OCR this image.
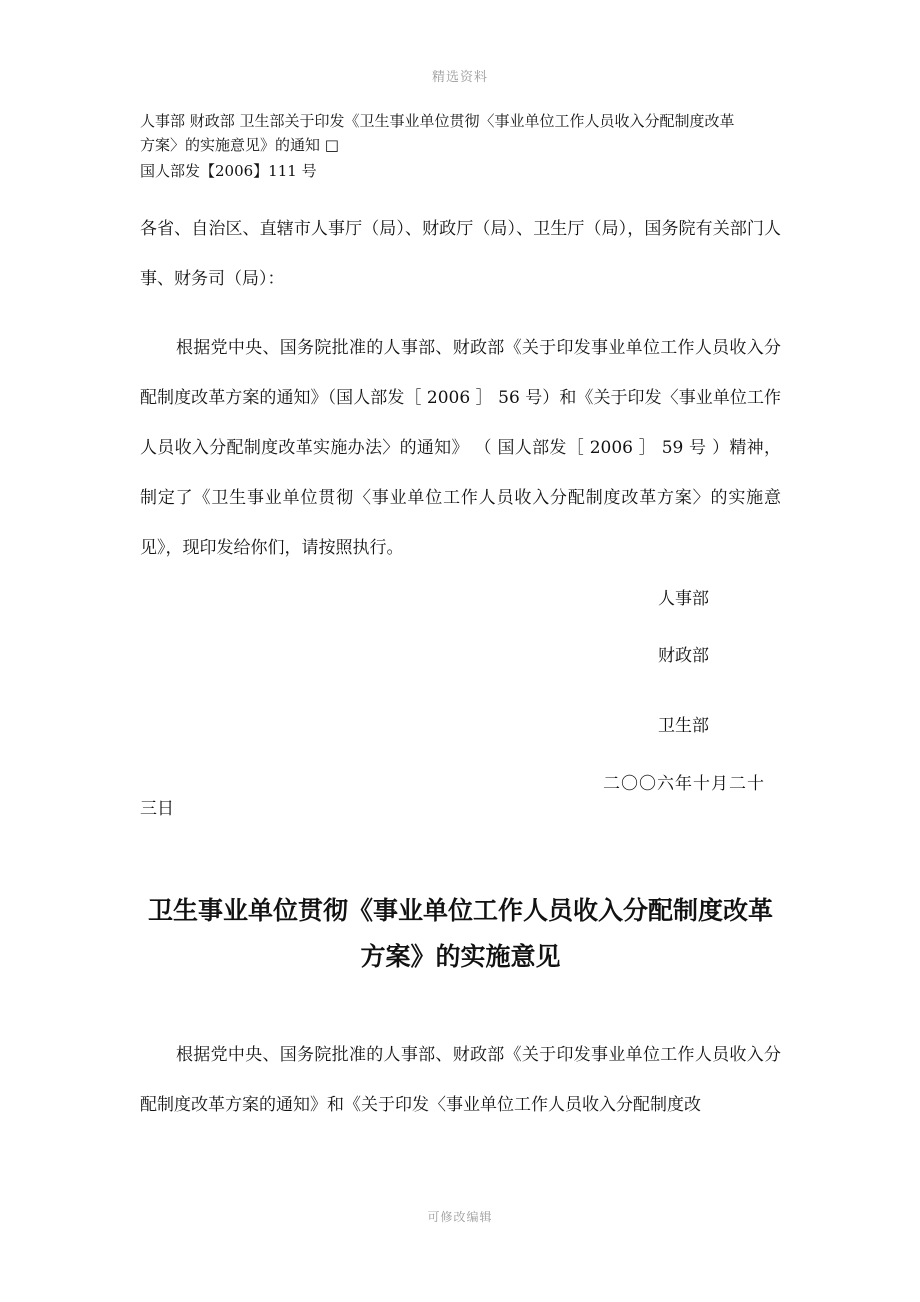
精选资料
人事部 财政部 卫生部关于印发《卫生事业单位贯彻〈事业单位工作人员收入分配制度改革
方案〉的实施意见》的通知 □
国人部发【2006】111 号
各省、自治区、直辖市人事厅（局）、财政厅（局）、卫生厅（局），国务院有关部门人事、财务司（局）：
根据党中央、国务院批准的人事部、财政部《关于印发事业单位工作人员收入分配制度改革方案的通知》（国人部发［ 2006 ］ 56 号）和《关于印发〈事业单位工作人员收入分配制度改革实施办法〉的通知》 （ 国人部发［ 2006 ］ 59 号 ）精神，制定了《卫生事业单位贯彻〈事业单位工作人员收入分配制度改革方案〉的实施意见》，现印发给你们，请按照执行。
人事部
财政部
卫生部
二〇〇六年十月二十
三日
卫生事业单位贯彻《事业单位工作人员收入分配制度改革方案》的实施意见
根据党中央、国务院批准的人事部、财政部《关于印发事业单位工作人员收入分配制度改革方案的通知》和《关于印发〈事业单位工作人员收入分配制度改
可修改编辑
